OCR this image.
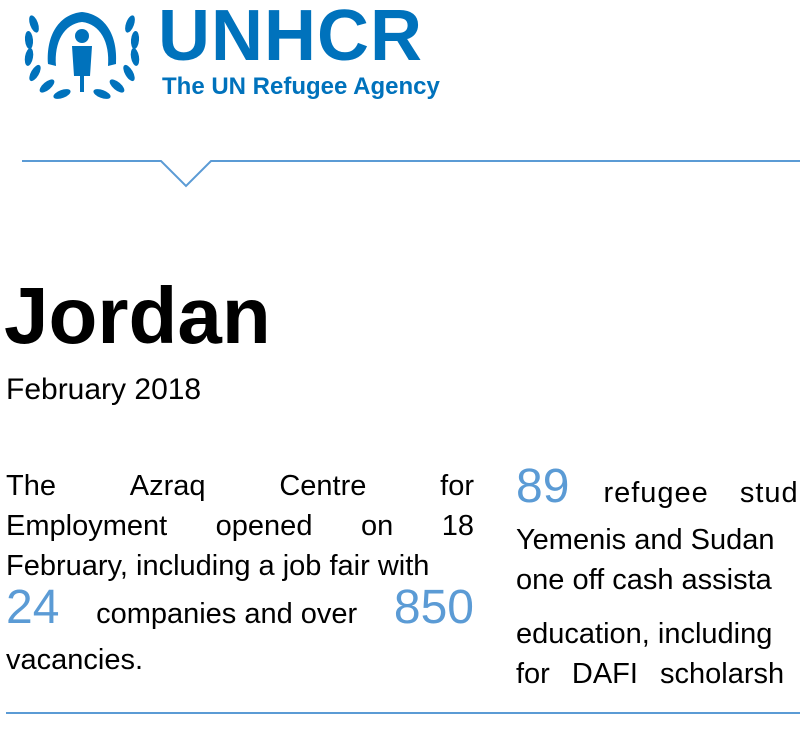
UNHCR
The UN Refugee Agency
Jordan
February 2018
The	Azraq	Centre	for
Employment opened on 18
February, including a job fair with
24 companies and over 850
vacancies.
89 refugee stud
Yemenis and Sudan
one off cash assista
education, including
for DAFI scholarsh
